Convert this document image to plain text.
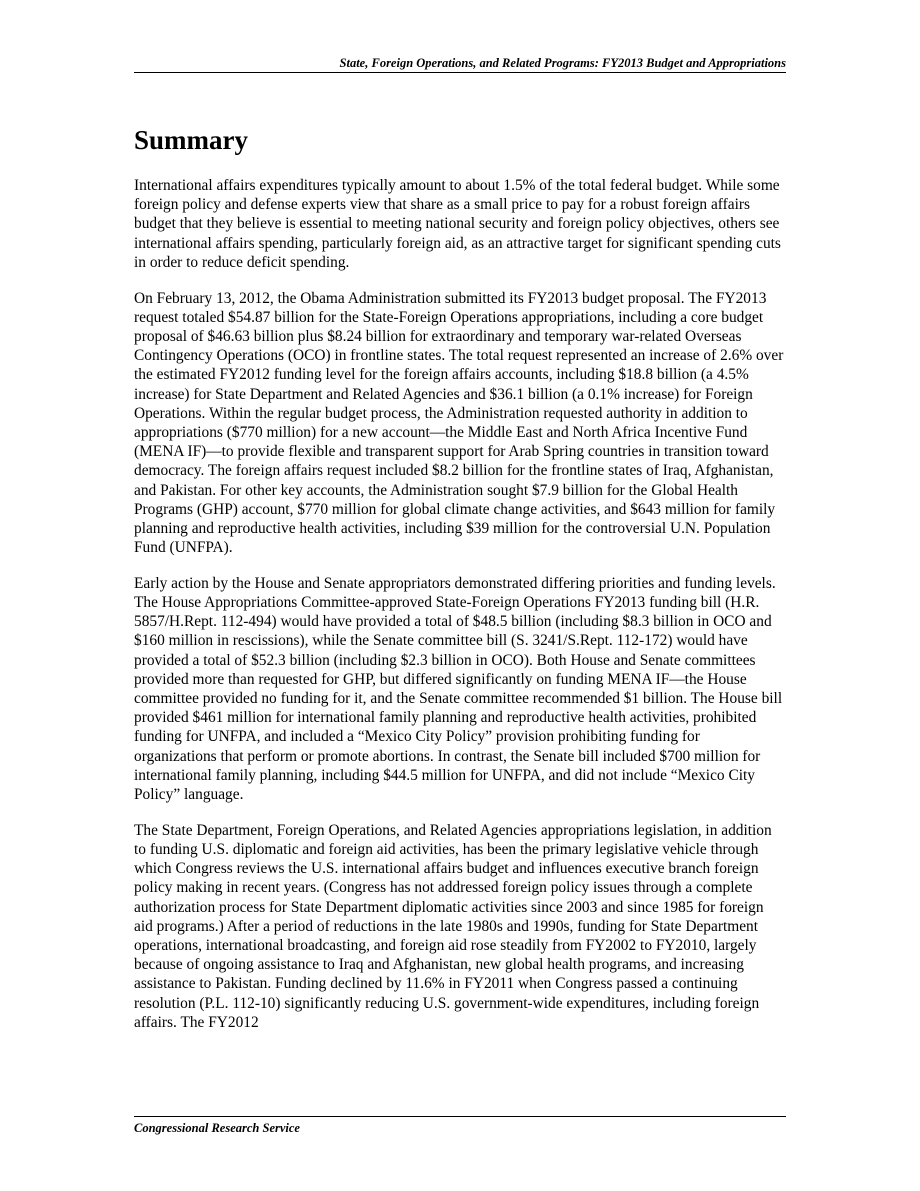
State, Foreign Operations, and Related Programs: FY2013 Budget and Appropriations
Summary

International affairs expenditures typically amount to about 1.5% of the total federal budget. While some foreign policy and defense experts view that share as a small price to pay for a robust foreign affairs budget that they believe is essential to meeting national security and foreign policy objectives, others see international affairs spending, particularly foreign aid, as an attractive target for significant spending cuts in order to reduce deficit spending.

On February 13, 2012, the Obama Administration submitted its FY2013 budget proposal. The FY2013 request totaled $54.87 billion for the State-Foreign Operations appropriations, including a core budget proposal of $46.63 billion plus $8.24 billion for extraordinary and temporary war-related Overseas Contingency Operations (OCO) in frontline states. The total request represented an increase of 2.6% over the estimated FY2012 funding level for the foreign affairs accounts, including $18.8 billion (a 4.5% increase) for State Department and Related Agencies and $36.1 billion (a 0.1% increase) for Foreign Operations. Within the regular budget process, the Administration requested authority in addition to appropriations ($770 million) for a new account—the Middle East and North Africa Incentive Fund (MENA IF)—to provide flexible and transparent support for Arab Spring countries in transition toward democracy. The foreign affairs request included $8.2 billion for the frontline states of Iraq, Afghanistan, and Pakistan. For other key accounts, the Administration sought $7.9 billion for the Global Health Programs (GHP) account, $770 million for global climate change activities, and $643 million for family planning and reproductive health activities, including $39 million for the controversial U.N. Population Fund (UNFPA).

Early action by the House and Senate appropriators demonstrated differing priorities and funding levels. The House Appropriations Committee-approved State-Foreign Operations FY2013 funding bill (H.R. 5857/H.Rept. 112-494) would have provided a total of $48.5 billion (including $8.3 billion in OCO and $160 million in rescissions), while the Senate committee bill (S. 3241/S.Rept. 112-172) would have provided a total of $52.3 billion (including $2.3 billion in OCO). Both House and Senate committees provided more than requested for GHP, but differed significantly on funding MENA IF—the House committee provided no funding for it, and the Senate committee recommended $1 billion. The House bill provided $461 million for international family planning and reproductive health activities, prohibited funding for UNFPA, and included a “Mexico City Policy” provision prohibiting funding for organizations that perform or promote abortions. In contrast, the Senate bill included $700 million for international family planning, including $44.5 million for UNFPA, and did not include “Mexico City Policy” language.

The State Department, Foreign Operations, and Related Agencies appropriations legislation, in addition to funding U.S. diplomatic and foreign aid activities, has been the primary legislative vehicle through which Congress reviews the U.S. international affairs budget and influences executive branch foreign policy making in recent years. (Congress has not addressed foreign policy issues through a complete authorization process for State Department diplomatic activities since 2003 and since 1985 for foreign aid programs.) After a period of reductions in the late 1980s and 1990s, funding for State Department operations, international broadcasting, and foreign aid rose steadily from FY2002 to FY2010, largely because of ongoing assistance to Iraq and Afghanistan, new global health programs, and increasing assistance to Pakistan. Funding declined by 11.6% in FY2011 when Congress passed a continuing resolution (P.L. 112-10) significantly reducing U.S. government-wide expenditures, including foreign affairs. The FY2012

Congressional Research Service
